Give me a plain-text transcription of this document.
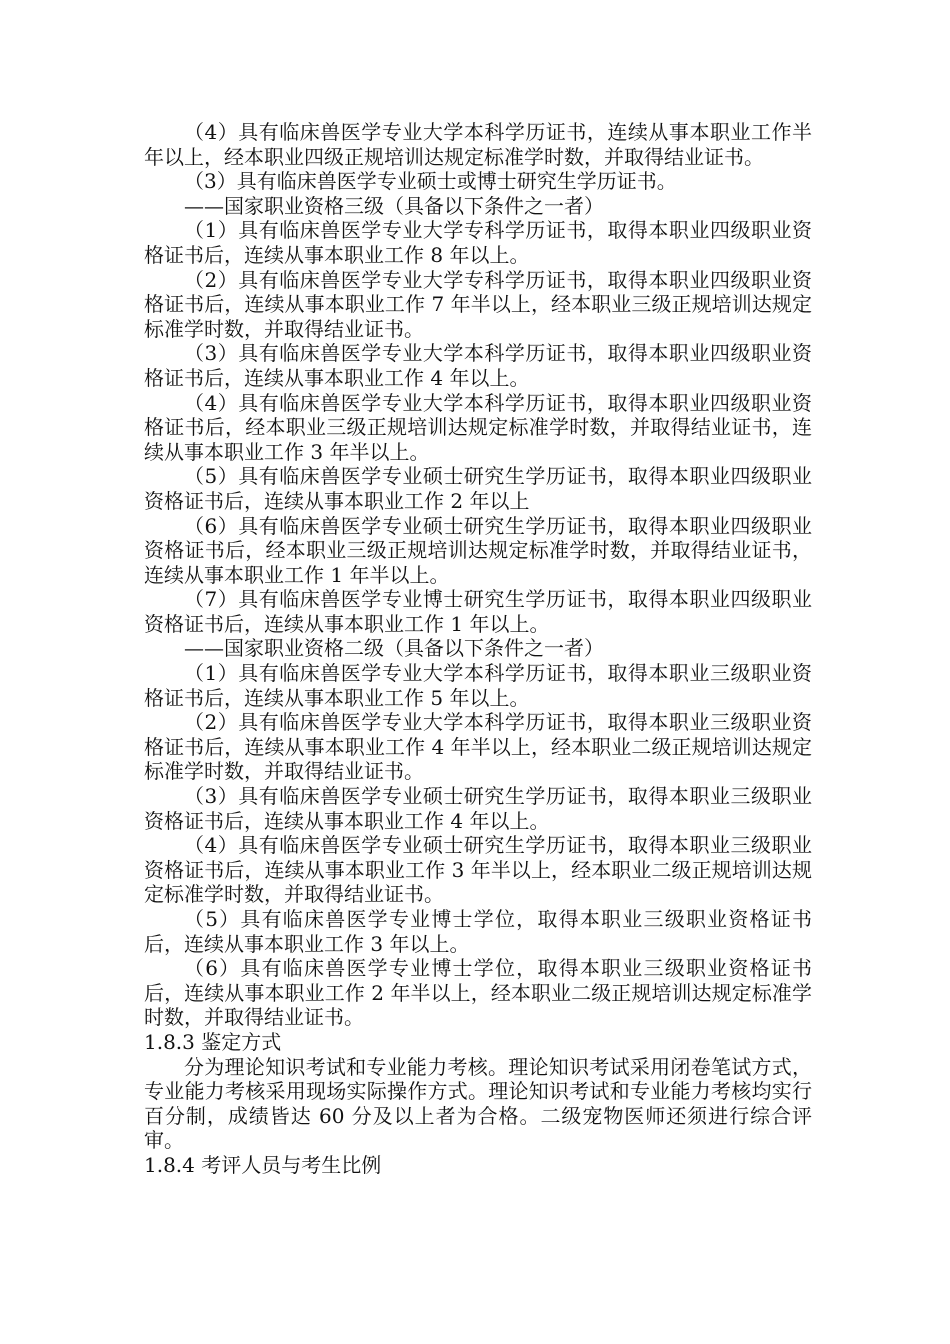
（4）具有临床兽医学专业大学本科学历证书，连续从事本职业工作半年以上，经本职业四级正规培训达规定标准学时数，并取得结业证书。

（3）具有临床兽医学专业硕士或博士研究生学历证书。

——国家职业资格三级（具备以下条件之一者）

（1）具有临床兽医学专业大学专科学历证书，取得本职业四级职业资格证书后，连续从事本职业工作 8 年以上。

（2）具有临床兽医学专业大学专科学历证书，取得本职业四级职业资格证书后，连续从事本职业工作 7 年半以上，经本职业三级正规培训达规定标准学时数，并取得结业证书。

（3）具有临床兽医学专业大学本科学历证书，取得本职业四级职业资格证书后，连续从事本职业工作 4 年以上。

（4）具有临床兽医学专业大学本科学历证书，取得本职业四级职业资格证书后，经本职业三级正规培训达规定标准学时数，并取得结业证书，连续从事本职业工作 3 年半以上。

（5）具有临床兽医学专业硕士研究生学历证书，取得本职业四级职业资格证书后，连续从事本职业工作 2 年以上

（6）具有临床兽医学专业硕士研究生学历证书，取得本职业四级职业资格证书后，经本职业三级正规培训达规定标准学时数，并取得结业证书，连续从事本职业工作 1 年半以上。

（7）具有临床兽医学专业博士研究生学历证书，取得本职业四级职业资格证书后，连续从事本职业工作 1 年以上。

——国家职业资格二级（具备以下条件之一者）

（1）具有临床兽医学专业大学本科学历证书，取得本职业三级职业资格证书后，连续从事本职业工作 5 年以上。

（2）具有临床兽医学专业大学本科学历证书，取得本职业三级职业资格证书后，连续从事本职业工作 4 年半以上，经本职业二级正规培训达规定标准学时数，并取得结业证书。

（3）具有临床兽医学专业硕士研究生学历证书，取得本职业三级职业资格证书后，连续从事本职业工作 4 年以上。

（4）具有临床兽医学专业硕士研究生学历证书，取得本职业三级职业资格证书后，连续从事本职业工作 3 年半以上，经本职业二级正规培训达规定标准学时数，并取得结业证书。

（5）具有临床兽医学专业博士学位，取得本职业三级职业资格证书后，连续从事本职业工作 3 年以上。

（6）具有临床兽医学专业博士学位，取得本职业三级职业资格证书后，连续从事本职业工作 2 年半以上，经本职业二级正规培训达规定标准学时数，并取得结业证书。

1.8.3 鉴定方式

分为理论知识考试和专业能力考核。理论知识考试采用闭卷笔试方式，专业能力考核采用现场实际操作方式。理论知识考试和专业能力考核均实行百分制，成绩皆达 60 分及以上者为合格。二级宠物医师还须进行综合评审。

1.8.4 考评人员与考生比例
